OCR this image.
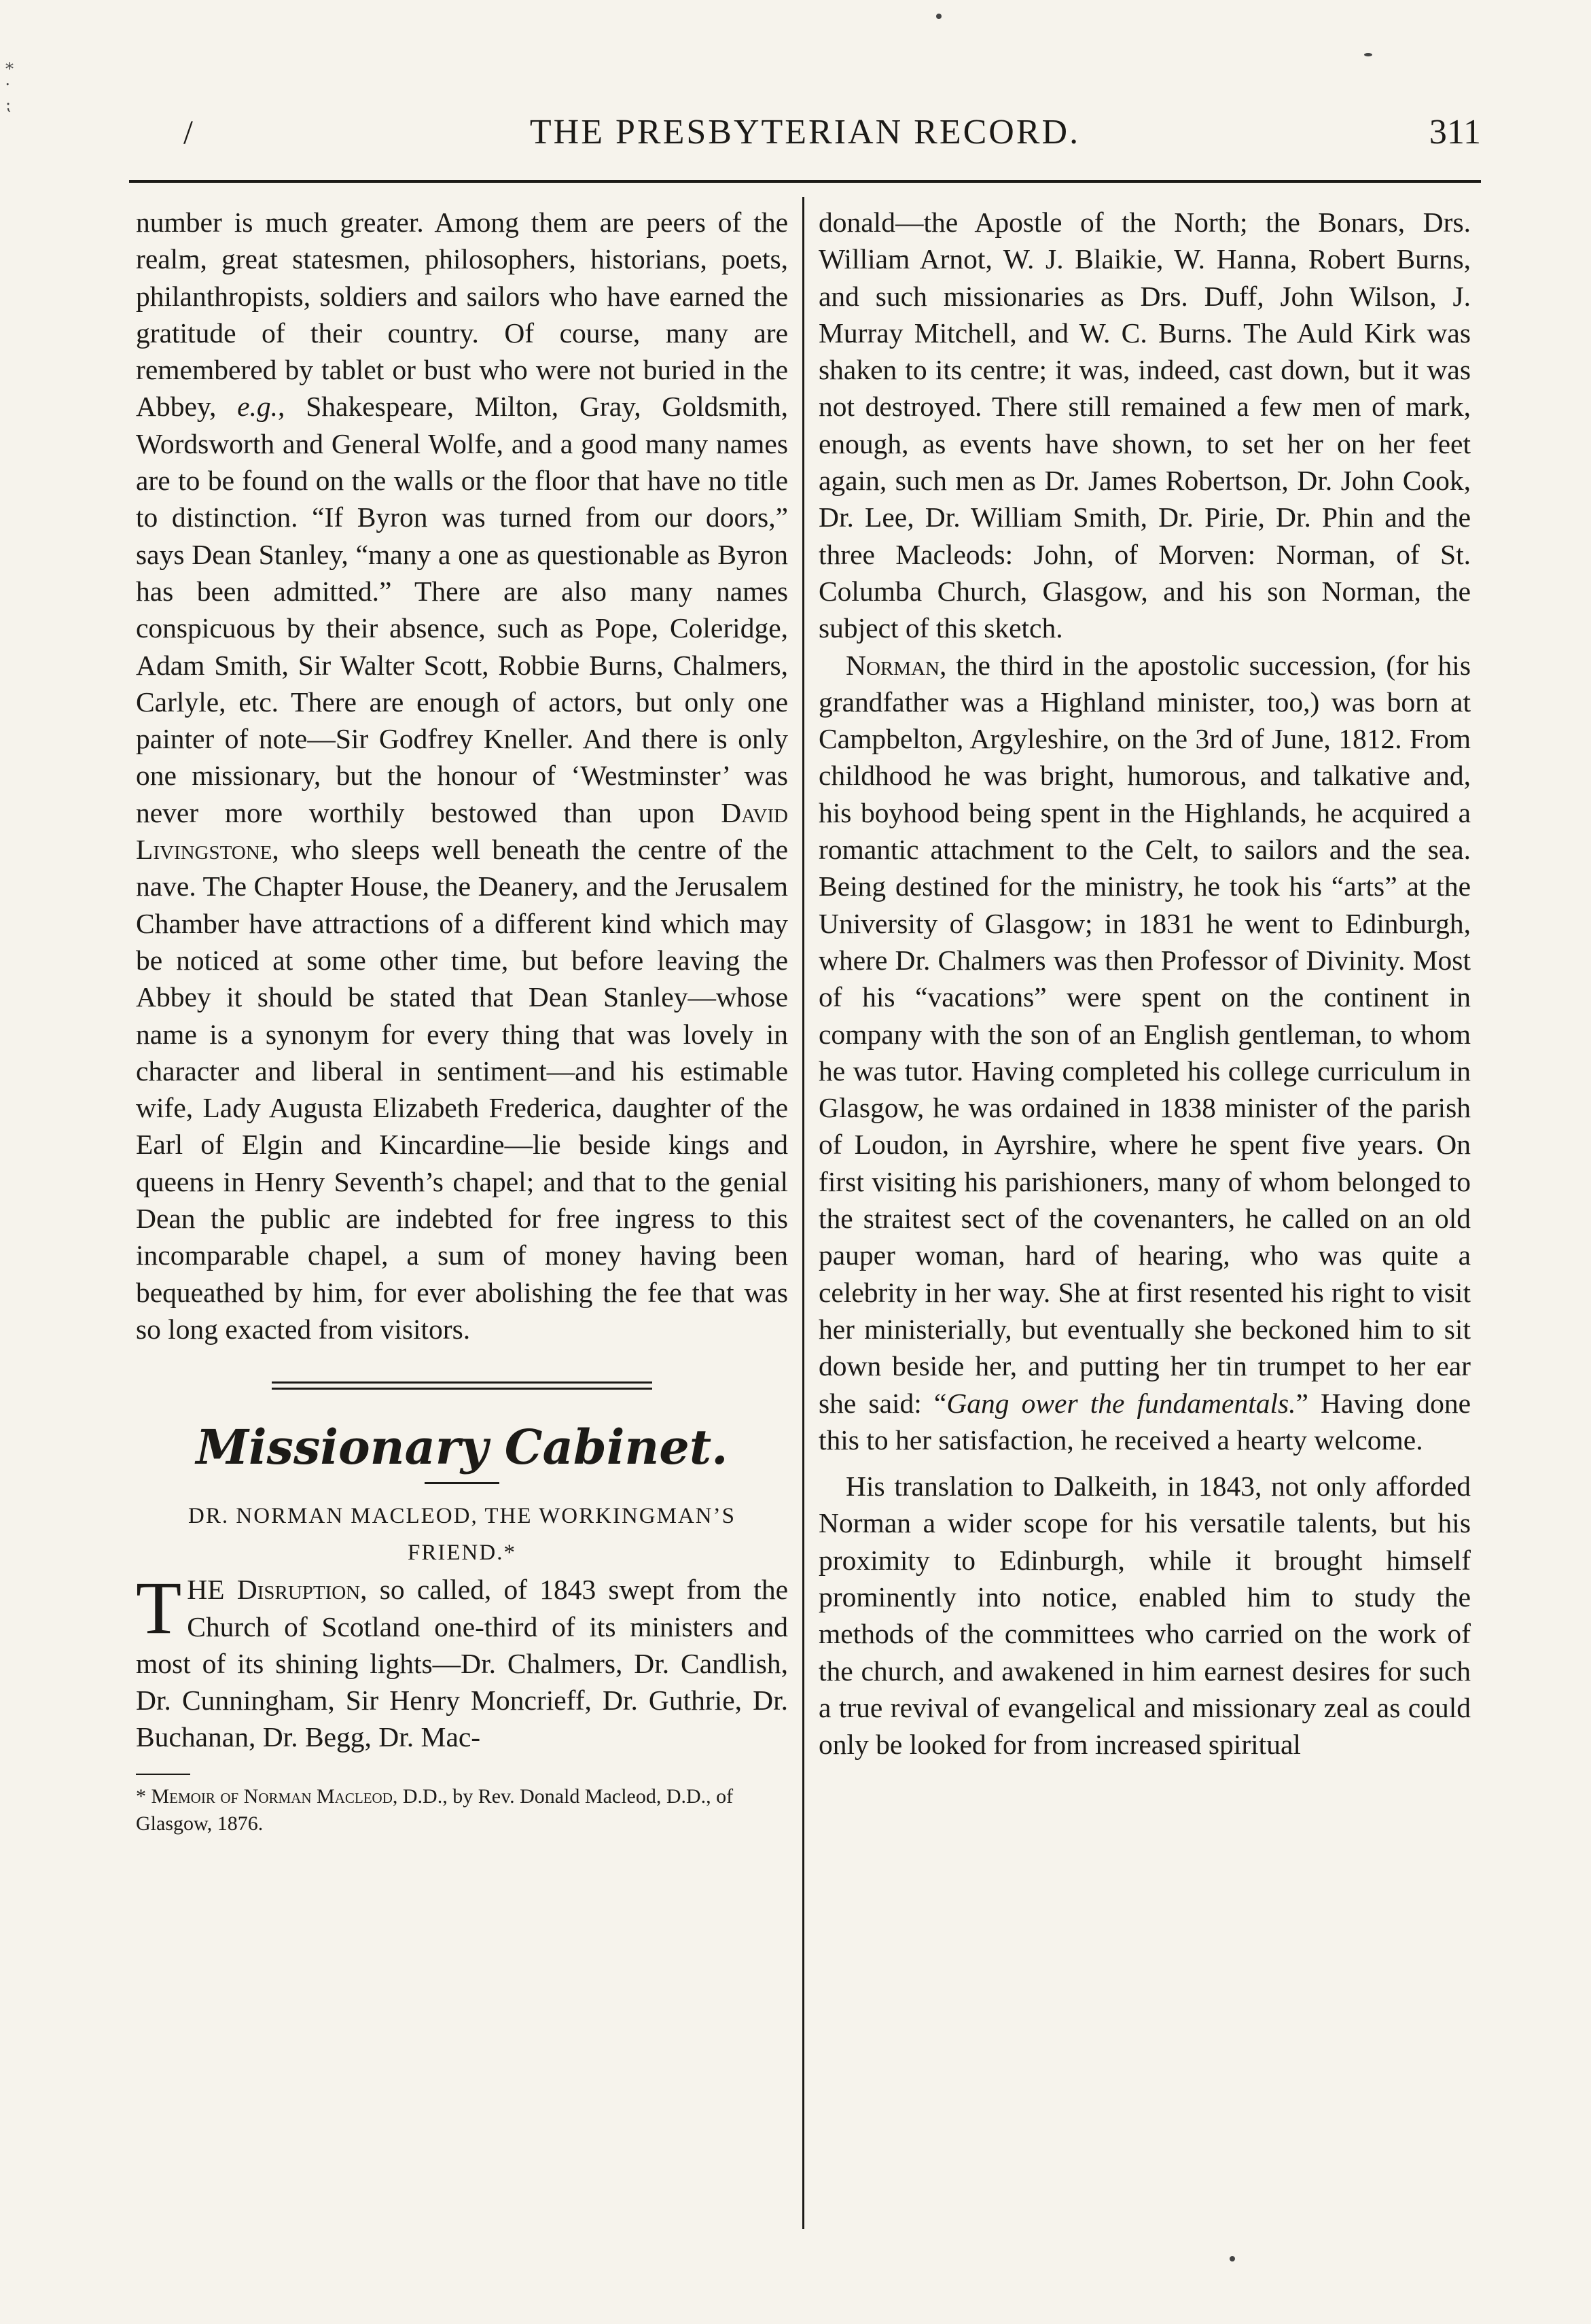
⁎
⸱
⁏
/	THE PRESBYTERIAN RECORD.	311

number is much greater. Among them are peers of the realm, great statesmen, philosophers, historians, poets, philanthropists, soldiers and sailors who have earned the gratitude of their country. Of course, many are remembered by tablet or bust who were not buried in the Abbey, e.g., Shakespeare, Milton, Gray, Goldsmith, Wordsworth and General Wolfe, and a good many names are to be found on the walls or the floor that have no title to distinction. “If Byron was turned from our doors,” says Dean Stanley, “many a one as questionable as Byron has been admitted.” There are also many names conspicuous by their absence, such as Pope, Coleridge, Adam Smith, Sir Walter Scott, Robbie Burns, Chalmers, Carlyle, etc. There are enough of actors, but only one painter of note—Sir Godfrey Kneller. And there is only one missionary, but the honour of ‘Westminster’ was never more worthily bestowed than upon David Livingstone, who sleeps well beneath the centre of the nave. The Chapter House, the Deanery, and the Jerusalem Chamber have attractions of a different kind which may be noticed at some other time, but before leaving the Abbey it should be stated that Dean Stanley—whose name is a synonym for every thing that was lovely in character and liberal in sentiment—and his estimable wife, Lady Augusta Elizabeth Frederica, daughter of the Earl of Elgin and Kincardine—lie beside kings and queens in Henry Seventh’s chapel; and that to the genial Dean the public are indebted for free ingress to this incomparable chapel, a sum of money having been bequeathed by him, for ever abolishing the fee that was so long exacted from visitors.

Missionary Cabinet.
DR. NORMAN MACLEOD, THE WORKINGMAN’S FRIEND.*

THE Disruption, so called, of 1843 swept from the Church of Scotland one-third of its ministers and most of its shining lights—Dr. Chalmers, Dr. Candlish, Dr. Cunningham, Sir Henry Moncrieff, Dr. Guthrie, Dr. Buchanan, Dr. Begg, Dr. Mac-

* Memoir of Norman Macleod, D.D., by Rev. Donald Macleod, D.D., of Glasgow, 1876.

donald—the Apostle of the North; the Bonars, Drs. William Arnot, W. J. Blaikie, W. Hanna, Robert Burns, and such missionaries as Drs. Duff, John Wilson, J. Murray Mitchell, and W. C. Burns. The Auld Kirk was shaken to its centre; it was, indeed, cast down, but it was not destroyed. There still remained a few men of mark, enough, as events have shown, to set her on her feet again, such men as Dr. James Robertson, Dr. John Cook, Dr. Lee, Dr. William Smith, Dr. Pirie, Dr. Phin and the three Macleods: John, of Morven: Norman, of St. Columba Church, Glasgow, and his son Norman, the subject of this sketch.

Norman, the third in the apostolic succession, (for his grandfather was a Highland minister, too,) was born at Campbelton, Argyleshire, on the 3rd of June, 1812. From childhood he was bright, humorous, and talkative and, his boyhood being spent in the Highlands, he acquired a romantic attachment to the Celt, to sailors and the sea. Being destined for the ministry, he took his “arts” at the University of Glasgow; in 1831 he went to Edinburgh, where Dr. Chalmers was then Professor of Divinity. Most of his “vacations” were spent on the continent in company with the son of an English gentleman, to whom he was tutor. Having completed his college curriculum in Glasgow, he was ordained in 1838 minister of the parish of Loudon, in Ayrshire, where he spent five years. On first visiting his parishioners, many of whom belonged to the straitest sect of the covenanters, he called on an old pauper woman, hard of hearing, who was quite a celebrity in her way. She at first resented his right to visit her ministerially, but eventually she beckoned him to sit down beside her, and putting her tin trumpet to her ear she said: “Gang ower the fundamentals.” Having done this to her satisfaction, he received a hearty welcome.

His translation to Dalkeith, in 1843, not only afforded Norman a wider scope for his versatile talents, but his proximity to Edinburgh, while it brought himself prominently into notice, enabled him to study the methods of the committees who carried on the work of the church, and awakened in him earnest desires for such a true revival of evangelical and missionary zeal as could only be looked for from increased spiritual
